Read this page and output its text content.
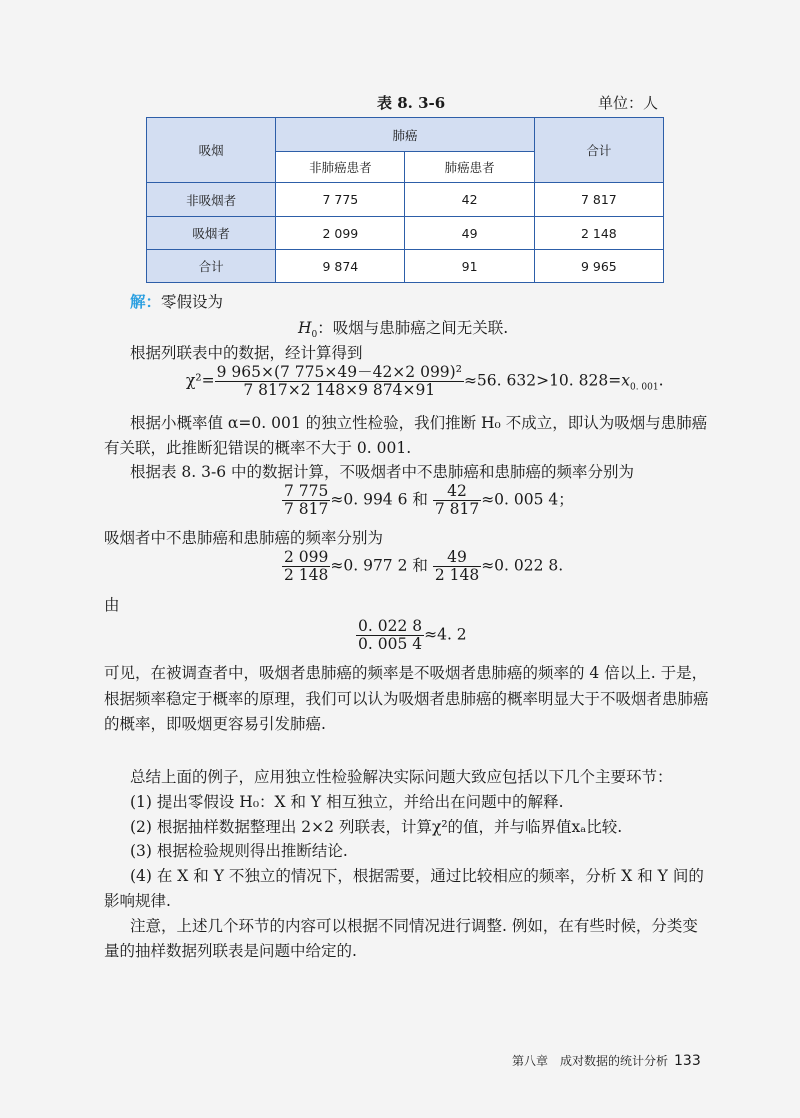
表 8. 3-6	单位：人
吸烟	肺癌		合计
	非肺癌患者	肺癌患者	
非吸烟者	7 775	42	7 817
吸烟者	2 099	49	2 148
合计	9 874	91	9 965
解：零假设为
$H_0$：吸烟与患肺癌之间无关联.
根据列联表中的数据，经计算得到
$\chi^2= \frac{\text{9 965×(7 775×49－42×2 099)²}}{7 817\times 2 148\times 9 874\times 91} \approx 56$. 632>10. $828=x_{0. 001}$.
根据小概率值 α=0. 001 的独立性检验，我们推断 H₀ 不成立，即认为吸烟与患肺癌
有关联，此推断犯错误的概率不大于 0. 001.
根据表 8. 3-6 中的数据计算，不吸烟者中不患肺癌和患肺癌的频率分别为
$\frac{7 775}{7 817} \approx 0$. 994 6 和 $\frac{42}{7 817} \approx 0$. 005 4；
吸烟者中不患肺癌和患肺癌的频率分别为
$\frac{2 099}{2 148} \approx 0$. 977 2 和 $\frac{49}{2 148} \approx 0$. 022 8.
由
$\frac{0. 022 8}{0. 005 4} \approx 4$. 2
可见，在被调查者中，吸烟者患肺癌的频率是不吸烟者患肺癌的频率的 4 倍以上. 于是，
根据频率稳定于概率的原理，我们可以认为吸烟者患肺癌的概率明显大于不吸烟者患肺癌
的概率，即吸烟更容易引发肺癌.
总结上面的例子，应用独立性检验解决实际问题大致应包括以下几个主要环节：
(1) 提出零假设 H₀：X 和 Y 相互独立，并给出在问题中的解释.
(2) 根据抽样数据整理出 2×2 列联表，计算χ²的值，并与临界值xₐ比较.
(3) 根据检验规则得出推断结论.
(4) 在 X 和 Y 不独立的情况下，根据需要，通过比较相应的频率，分析 X 和 Y 间的
影响规律.
注意，上述几个环节的内容可以根据不同情况进行调整. 例如，在有些时候，分类变
量的抽样数据列联表是问题中给定的.
第八章　成对数据的统计分析 133
